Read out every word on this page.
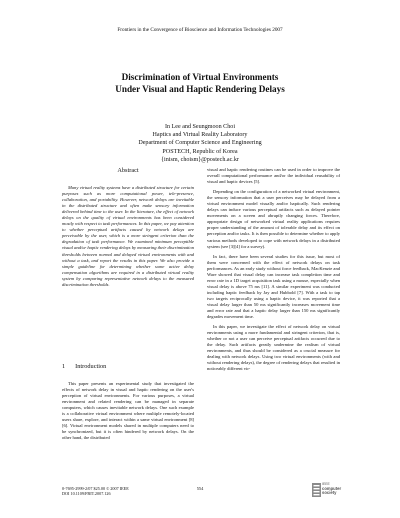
Frontiers in the Convergence of Bioscience and Information Technologies 2007
Discrimination of Virtual Environments
Under Visual and Haptic Rendering Delays
In Lee and Seungmoon Choi
Haptics and Virtual Reality Laboratory
Department of Computer Science and Engineering
POSTECH, Republic of Korea
{inism, choism}@postech.ac.kr
Abstract

Many virtual reality systems have a distributed structure for certain purposes such as more computational power, tele-presence, collaboration, and portability. However, network delays are inevitable in the distributed structure and often make sensory information delivered behind time to the user. In the literature, the effect of network delays on the quality of virtual environments has been considered mostly with respect to task performances. In this paper, we pay attention to whether perceptual artifacts caused by network delays are perceivable by the user, which is a more stringent criterion than the degradation of task performance. We examined minimum perceptible visual and/or haptic rendering delays by measuring their discrimination thresholds between normal and delayed virtual environments with and without a task, and report the results in this paper. We also provide a simple guideline for determining whether some active delay compensation algorithms are required in a distributed virtual reality system by comparing representative network delays to the measured discrimination thresholds.

1 Introduction

This paper presents an experimental study that investigated the effects of network delay in visual and haptic rendering on the user's perception of virtual environments. For various purposes, a virtual environment and related rendering can be managed in separate computers, which causes inevitable network delays. One such example is a collaborative virtual environment where multiple remotely-located users share, explore, and interact within a same virtual environment [8][6]. Virtual environment models shared in multiple computers need to be synchronized, but it is often hindered by network delays. On the other hand, the distributed

visual and haptic rendering routines can be used in order to improve the overall computational performance and/or the individual reusability of visual and haptic devices [5].

Depending on the configuration of a networked virtual environment, the sensory information that a user perceives may be delayed from a virtual environment model visually and/or haptically. Such rendering delays can induce various perceptual artifacts such as delayed pointer movements on a screen and abruptly changing forces. Therefore, appropriate design of networked virtual reality applications requires proper understanding of the amount of tolerable delay and its effect on perception and/or tasks. It is then possible to determine whether to apply various methods developed to cope with network delays in a distributed system (see [3][4] for a survey).

In fact, there have been several studies for this issue, but most of them were concerned with the effect of network delays on task performances. As an early study without force feedback, MacKenzie and Ware showed that visual delay can increase task completion time and error rate in a 1D target acquisition task using a mouse, especially when visual delay is above 75 ms [11]. A similar experiment was conducted including haptic feedback by Jay and Hubbold [7]. With a task to tap two targets reciprocally using a haptic device, it was reported that a visual delay larger than 50 ms significantly increases movement time and error rate and that a haptic delay larger than 150 ms significantly degrades movement time.

In this paper, we investigate the effect of network delay on virtual environments using a more fundamental and stringent criterion, that is, whether or not a user can perceive perceptual artifacts occurred due to the delay. Such artifacts greatly undermine the realism of virtual environments, and thus should be considered as a crucial measure for dealing with network delays. Using two virtual environments (with and without rendering delays), the degree of rendering delays that resulted in noticeably different vir-

0-7695-2999-2/07 $25.00 © 2007 IEEE
DOI 10.1109/FBIT.2007.126
554
IEEE
computer
society
